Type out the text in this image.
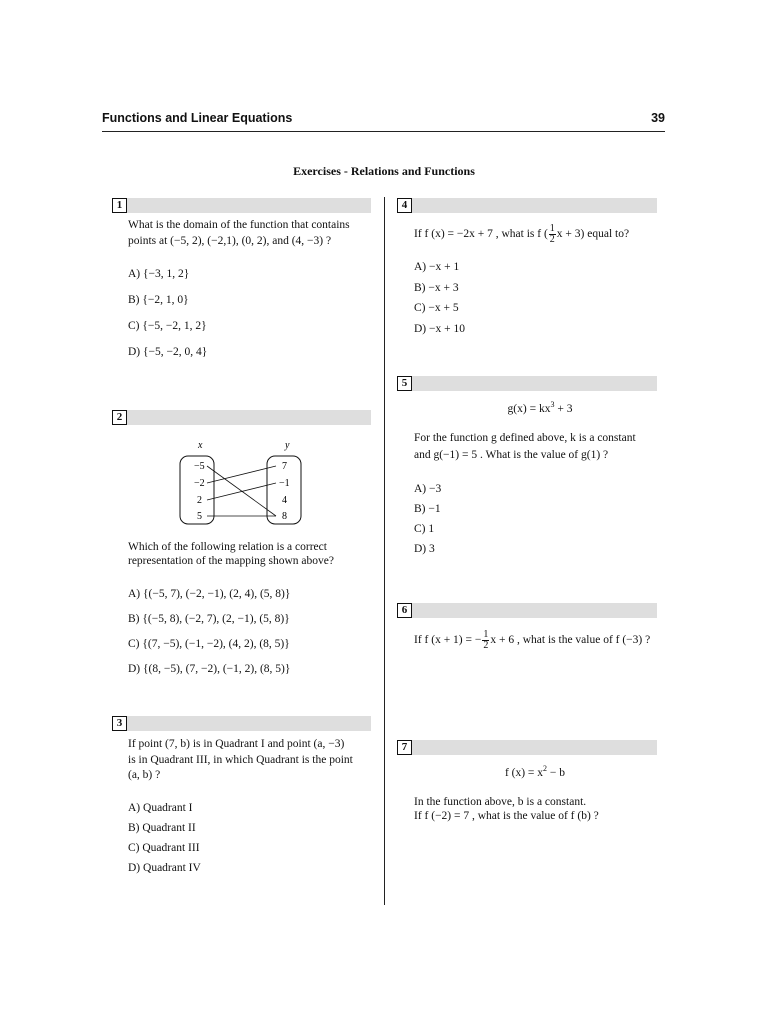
Functions and Linear Equations	39
Exercises - Relations and Functions
1
What is the domain of the function that contains
points at (−5, 2), (−2,1), (0, 2), and (4, −3) ?
A) {−3, 1, 2}
B) {−2, 1, 0}
C) {−5, −2, 1, 2}
D) {−5, −2, 0, 4}
2
x	y
−5
−2
2
5
7
−1
4
8
Which of the following relation is a correct
representation of the mapping shown above?
A) {(−5, 7), (−2, −1), (2, 4), (5, 8)}
B) {(−5, 8), (−2, 7), (2, −1), (5, 8)}
C) {(7, −5), (−1, −2), (4, 2), (8, 5)}
D) {(8, −5), (7, −2), (−1, 2), (8, 5)}
3
If point (7, b) is in Quadrant I and point (a, −3)
is in Quadrant III, in which Quadrant is the point
(a, b) ?
A) Quadrant I
B) Quadrant II
C) Quadrant III
D) Quadrant IV
4
If f (x) = −2x + 7 , what is f ( $\frac{1}{2}$ x + 3) equal to?
A) −x + 1
B) −x + 3
C) −x + 5
D) −x + 10
5
$g(x) = kx^3 + 3$
For the function g defined above, k is a constant
and g(−1) = 5 . What is the value of g(1) ?
A) −3
B) −1
C) 1
D) 3
6
If f (x + 1) = − $\frac{1}{2}$ x + 6 , what is the value of f (−3) ?
7
f $(x) = x^2 - b$
In the function above, b is a constant.
If f (−2) = 7 , what is the value of f (b) ?
